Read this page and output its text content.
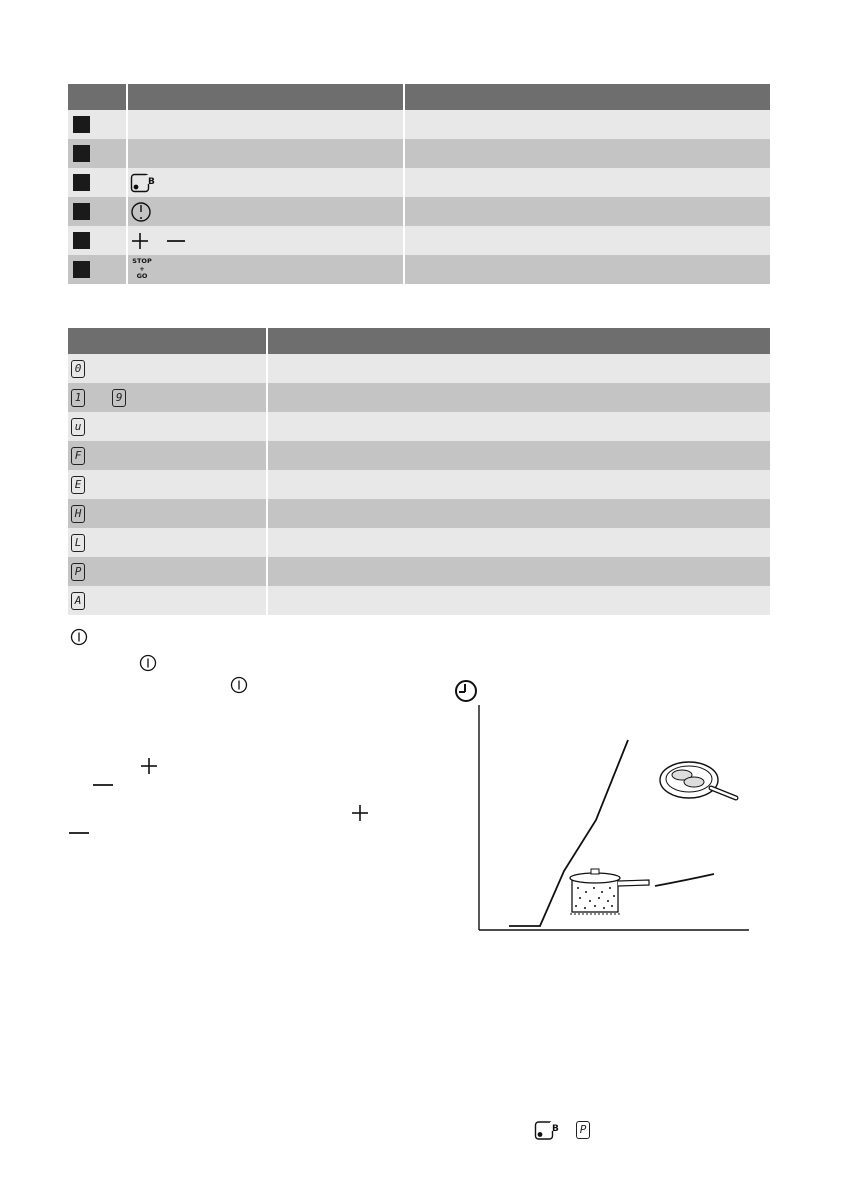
B
STOP
+
GO
0
1	9
u
F
E
H
L
P
A
B	P
